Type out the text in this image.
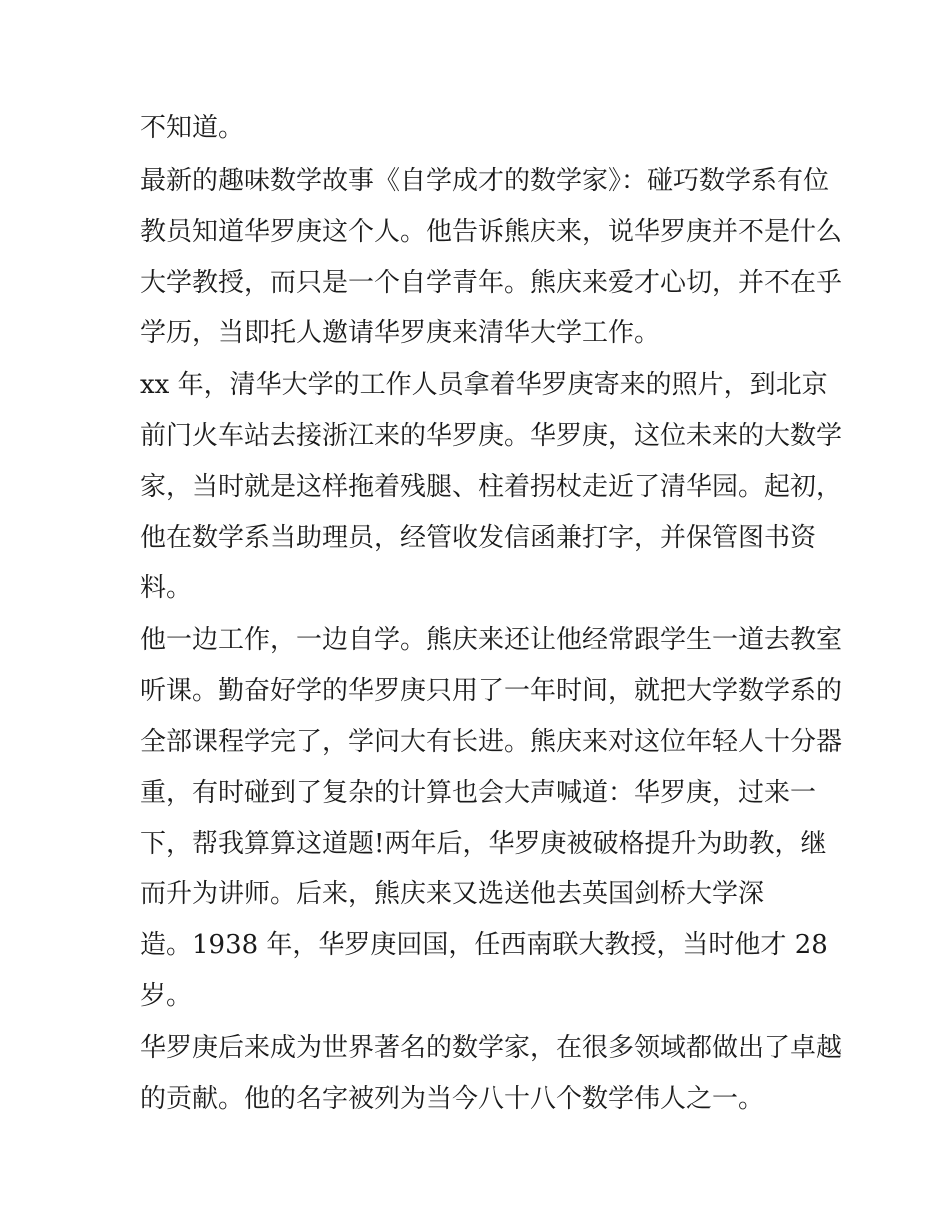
不知道。

最新的趣味数学故事《自学成才的数学家》：碰巧数学系有位

教员知道华罗庚这个人。他告诉熊庆来，说华罗庚并不是什么

大学教授，而只是一个自学青年。熊庆来爱才心切，并不在乎

学历，当即托人邀请华罗庚来清华大学工作。

xx 年，清华大学的工作人员拿着华罗庚寄来的照片，到北京

前门火车站去接浙江来的华罗庚。华罗庚，这位未来的大数学

家，当时就是这样拖着残腿、柱着拐杖走近了清华园。起初，

他在数学系当助理员，经管收发信函兼打字，并保管图书资

料。

他一边工作，一边自学。熊庆来还让他经常跟学生一道去教室

听课。勤奋好学的华罗庚只用了一年时间，就把大学数学系的

全部课程学完了，学问大有长进。熊庆来对这位年轻人十分器

重，有时碰到了复杂的计算也会大声喊道：华罗庚，过来一

下，帮我算算这道题!两年后，华罗庚被破格提升为助教，继

而升为讲师。后来，熊庆来又选送他去英国剑桥大学深

造。1938 年，华罗庚回国，任西南联大教授，当时他才 28

岁。

华罗庚后来成为世界著名的数学家，在很多领域都做出了卓越

的贡献。他的名字被列为当今八十八个数学伟人之一。
